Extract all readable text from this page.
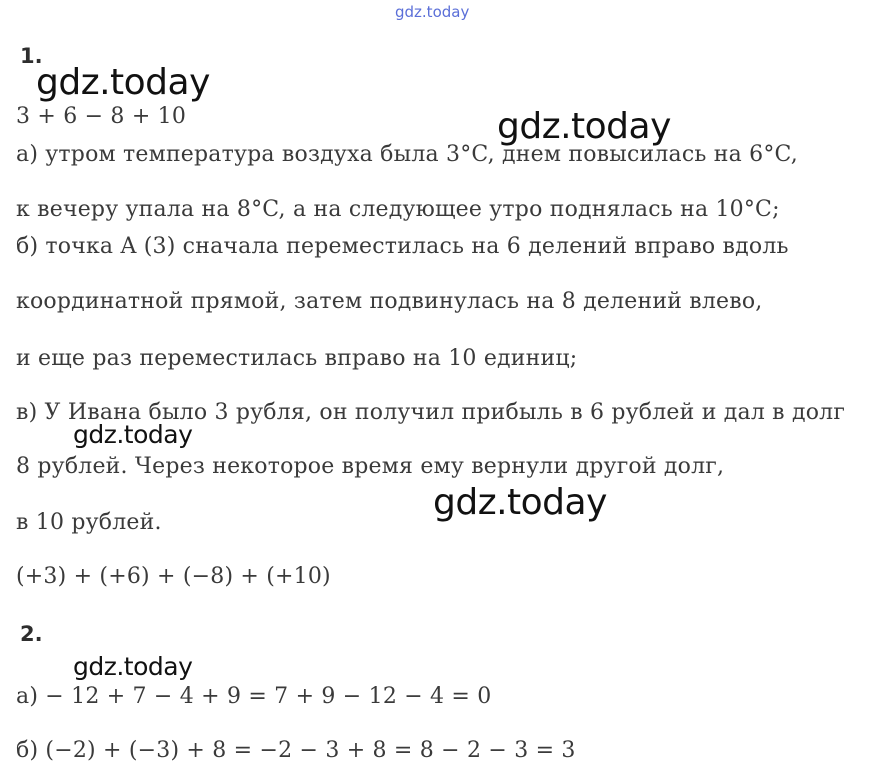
gdz.today
gdz.today
gdz.today
gdz.today
gdz.today
gdz.today
1.
3 + 6 − 8 + 10
а) утром температура воздуха была 3°C, днем повысилась на 6°C,
к вечеру упала на 8°C, а на следующее утро поднялась на 10°C;
б) точка A (3) сначала переместилась на 6 делений вправо вдоль
координатной прямой, затем подвинулась на 8 делений влево,
и еще раз переместилась вправо на 10 единиц;
в) У Ивана было 3 рубля, он получил прибыль в 6 рублей и дал в долг
8 рублей. Через некоторое время ему вернули другой долг,
в 10 рублей.
(+3) + (+6) + (−8) + (+10)
2.
а) − 12 + 7 − 4 + 9 = 7 + 9 − 12 − 4 = 0
б) (−2) + (−3) + 8 = −2 − 3 + 8 = 8 − 2 − 3 = 3
